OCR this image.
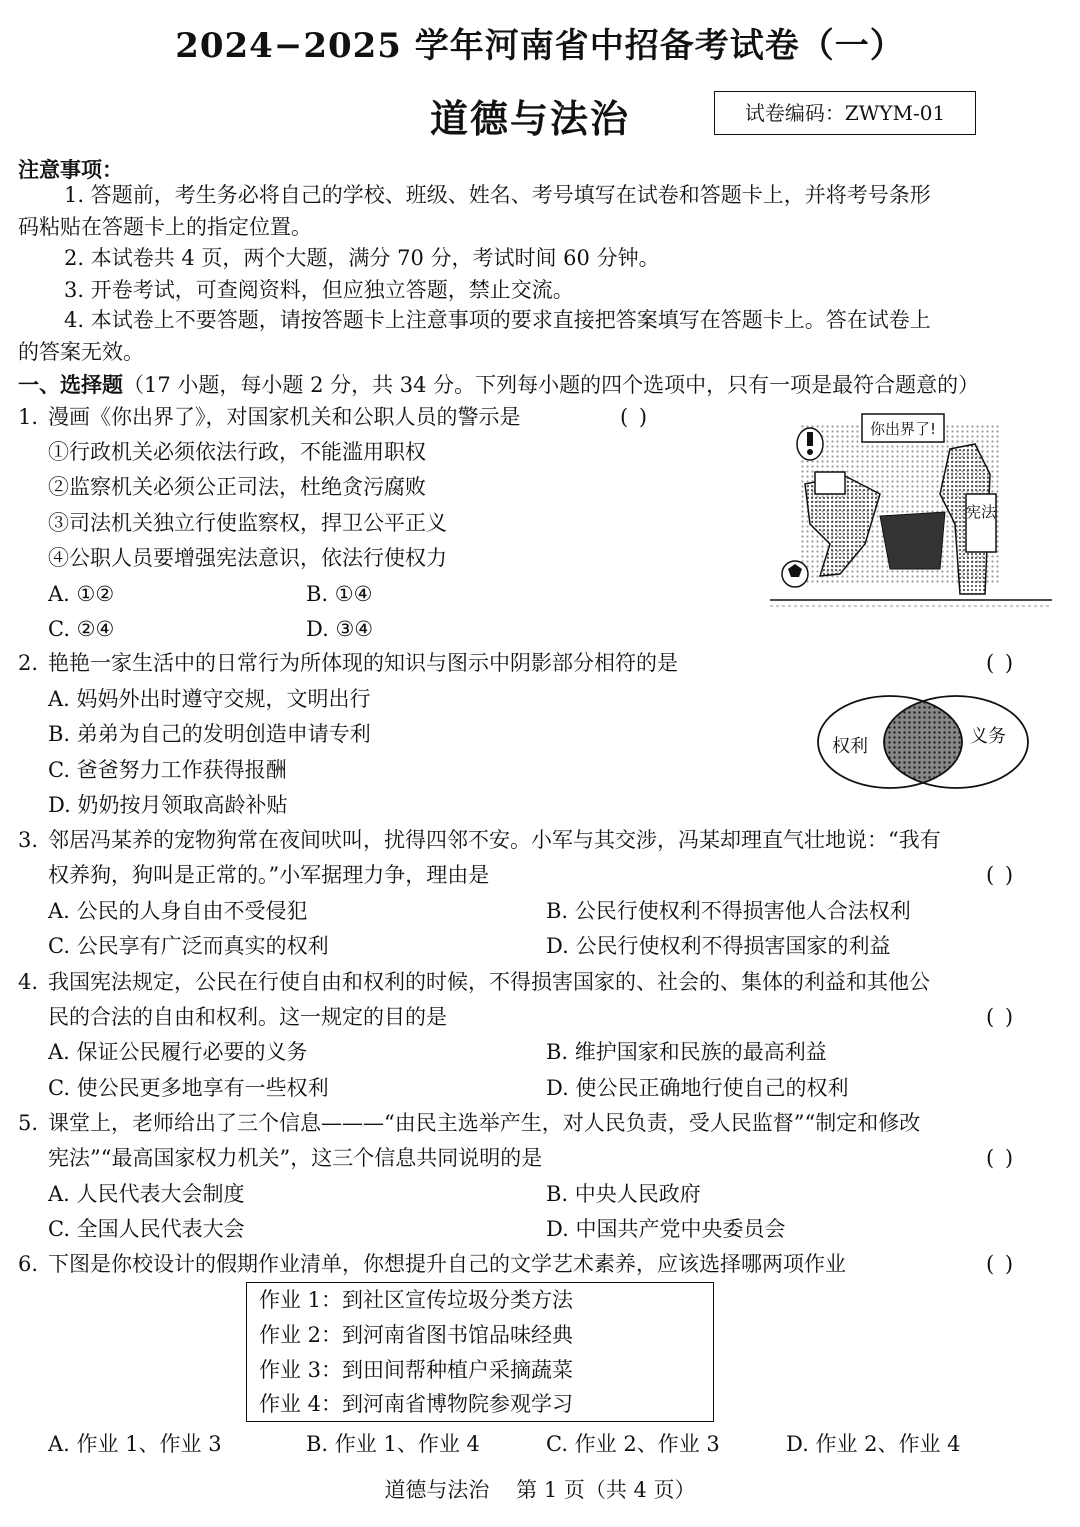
2024−2025 学年河南省中招备考试卷（一）
道德与法治	试卷编码：ZWYM-01
注意事项：
1. 答题前，考生务必将自己的学校、班级、姓名、考号填写在试卷和答题卡上，并将考号条形
码粘贴在答题卡上的指定位置。
2. 本试卷共 4 页，两个大题，满分 70 分，考试时间 60 分钟。
3. 开卷考试，可查阅资料，但应独立答题，禁止交流。
4. 本试卷上不要答题，请按答题卡上注意事项的要求直接把答案填写在答题卡上。答在试卷上
的答案无效。
一、选择题（17 小题，每小题 2 分，共 34 分。下列每小题的四个选项中，只有一项是最符合题意的）
1. 漫画《你出界了》，对国家机关和公职人员的警示是	( )
①行政机关必须依法行政，不能滥用职权
②监察机关必须公正司法，杜绝贪污腐败
③司法机关独立行使监察权，捍卫公平正义
④公职人员要增强宪法意识，依法行使权力
A. ①②	B. ①④
C. ②④	D. ③④
你出界了!
宪法
2. 艳艳一家生活中的日常行为所体现的知识与图示中阴影部分相符的是	( )
A. 妈妈外出时遵守交规，文明出行
B. 弟弟为自己的发明创造申请专利
C. 爸爸努力工作获得报酬
D. 奶奶按月领取高龄补贴
权利	义务
3. 邻居冯某养的宠物狗常在夜间吠叫，扰得四邻不安。小军与其交涉，冯某却理直气壮地说：“我有
权养狗，狗叫是正常的。”小军据理力争，理由是	( )
A. 公民的人身自由不受侵犯	B. 公民行使权利不得损害他人合法权利
C. 公民享有广泛而真实的权利	D. 公民行使权利不得损害国家的利益
4. 我国宪法规定，公民在行使自由和权利的时候，不得损害国家的、社会的、集体的利益和其他公
民的合法的自由和权利。这一规定的目的是	( )
A. 保证公民履行必要的义务	B. 维护国家和民族的最高利益
C. 使公民更多地享有一些权利	D. 使公民正确地行使自己的权利
5. 课堂上，老师给出了三个信息———“由民主选举产生，对人民负责，受人民监督”“制定和修改
宪法”“最高国家权力机关”，这三个信息共同说明的是	( )
A. 人民代表大会制度	B. 中央人民政府
C. 全国人民代表大会	D. 中国共产党中央委员会
6. 下图是你校设计的假期作业清单，你想提升自己的文学艺术素养，应该选择哪两项作业	( )
作业 1：到社区宣传垃圾分类方法
作业 2：到河南省图书馆品味经典
作业 3：到田间帮种植户采摘蔬菜
作业 4：到河南省博物院参观学习
A. 作业 1、作业 3	B. 作业 1、作业 4	C. 作业 2、作业 3	D. 作业 2、作业 4
道德与法治    第 1 页（共 4 页）
